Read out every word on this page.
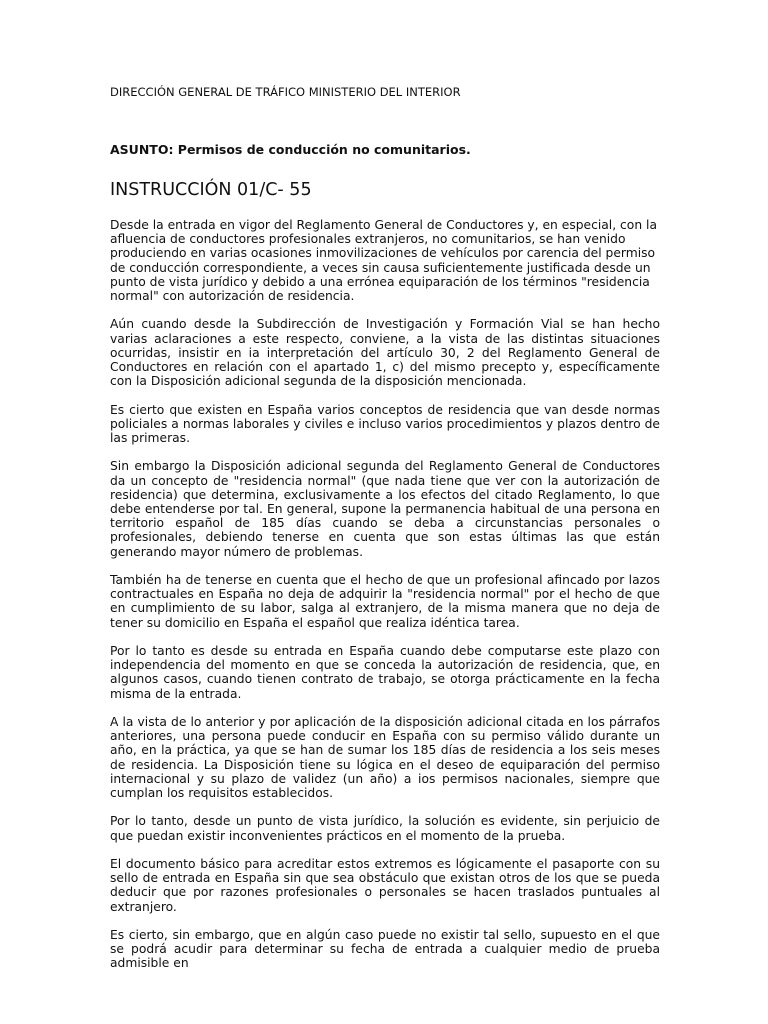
DIRECCIÓN GENERAL DE TRÁFICO MINISTERIO DEL INTERIOR
ASUNTO: Permisos de conducción no comunitarios.
INSTRUCCIÓN 01/C- 55

Desde la entrada en vigor del Reglamento General de Conductores y, en especial, con la afluencia de conductores profesionales extranjeros, no comunitarios, se han venido produciendo en varias ocasiones inmovilizaciones de vehículos por carencia del permiso de conducción correspondiente, a veces sin causa suficientemente justificada desde un punto de vista jurídico y debido a una errónea equiparación de los términos "residencia normal" con autorización de residencia.

Aún cuando desde la Subdirección de Investigación y Formación Vial se han hecho varias aclaraciones a este respecto, conviene, a la vista de las distintas situaciones ocurridas, insistir en ia interpretación del artículo 30, 2 del Reglamento General de Conductores en relación con el apartado 1, c) del mismo precepto y, específicamente con la Disposición adicional segunda de la disposición mencionada.

Es cierto que existen en España varios conceptos de residencia que van desde normas policiales a normas laborales y civiles e incluso varios procedimientos y plazos dentro de las primeras.

Sin embargo la Disposición adicional segunda del Reglamento General de Conductores da un concepto de "residencia normal" (que nada tiene que ver con la autorización de residencia) que determina, exclusivamente a los efectos del citado Reglamento, lo que debe entenderse por tal. En general, supone la permanencia habitual de una persona en territorio español de 185 días cuando se deba a circunstancias personales o profesionales, debiendo tenerse en cuenta que son estas últimas las que están generando mayor número de problemas.

También ha de tenerse en cuenta que el hecho de que un profesional afincado por lazos contractuales en España no deja de adquirir la "residencia normal" por el hecho de que en cumplimiento de su labor, salga al extranjero, de la misma manera que no deja de tener su domicilio en España el español que realiza idéntica tarea.

Por lo tanto es desde su entrada en España cuando debe computarse este plazo con independencia del momento en que se conceda la autorización de residencia, que, en algunos casos, cuando tienen contrato de trabajo, se otorga prácticamente en la fecha misma de la entrada.

A la vista de lo anterior y por aplicación de la disposición adicional citada en los párrafos anteriores, una persona puede conducir en España con su permiso válido durante un año, en la práctica, ya que se han de sumar los 185 días de residencia a los seis meses de residencia. La Disposición tiene su lógica en el deseo de equiparación del permiso internacional y su plazo de validez (un año) a ios permisos nacionales, siempre que cumplan los requisitos establecidos.

Por lo tanto, desde un punto de vista jurídico, la solución es evidente, sin perjuicio de que puedan existir inconvenientes prácticos en el momento de la prueba.

El documento básico para acreditar estos extremos es lógicamente el pasaporte con su sello de entrada en España sin que sea obstáculo que existan otros de los que se pueda deducir que por razones profesionales o personales se hacen traslados puntuales al extranjero.

Es cierto, sin embargo, que en algún caso puede no existir tal sello, supuesto en el que se podrá acudir para determinar su fecha de entrada a cualquier medio de prueba admisible en
